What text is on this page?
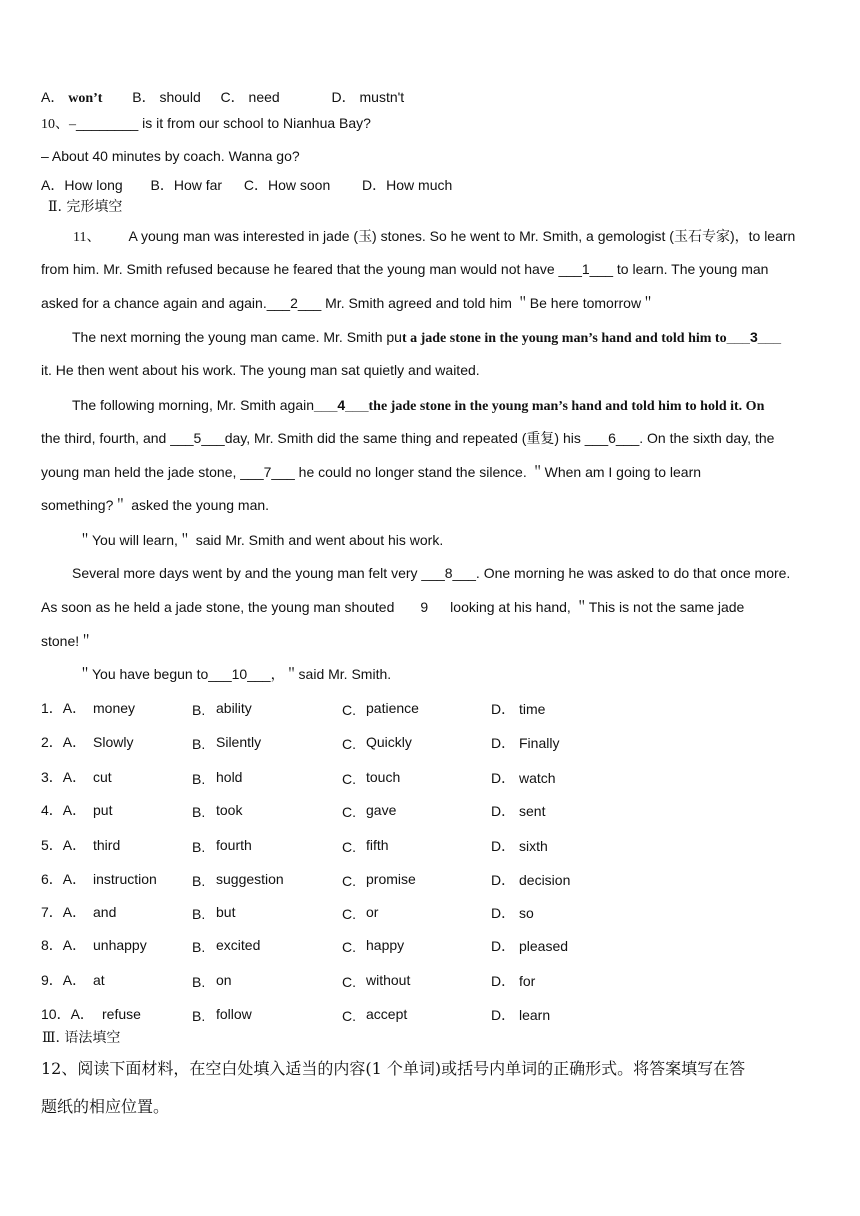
A． won’t B． should C． need	D． mustn't
10、–________ is it from our school to Nianhua Bay?
– About 40 minutes by coach. Wanna go?
A．How long B．How far C．How soon D．How much
Ⅱ. 完形填空
11、 A young man was interested in jade (玉) stones. So he went to Mr. Smith, a gemologist (玉石专家)，to learn
from him. Mr. Smith refused because he feared that the young man would not have ___1___ to learn. The young man
asked for a chance again and again.___2___ Mr. Smith agreed and told him ＂Be here tomorrow＂
The next morning the young man came. Mr. Smith put a jade stone in the young man’s hand and told him to___3___
it. He then went about his work. The young man sat quietly and waited.
The following morning, Mr. Smith again___4___the jade stone in the young man’s hand and told him to hold it. On
the third, fourth, and ___5___day, Mr. Smith did the same thing and repeated (重复) his ___6___. On the sixth day, the
young man held the jade stone, ___7___ he could no longer stand the silence. ＂When am I going to learn
something?＂ asked the young man.
＂You will learn,＂ said Mr. Smith and went about his work.
Several more days went by and the young man felt very ___8___. One morning he was asked to do that once more.
As soon as he held a jade stone, the young man shouted 9 looking at his hand, ＂This is not the same jade
stone!＂
＂You have begun to___10___，＂said Mr. Smith.
1．A． money	B. ability	C. patience	D． time
2．A． Slowly	B. Silently	C. Quickly	D． Finally
3．A． cut	B. hold	C. touch	D． watch
4．A． put	B. took	C. gave	D． sent
5．A． third	B. fourth	C. fifth	D． sixth
6．A． instruction	B. suggestion	C. promise	D． decision
7．A． and	B. but	C. or	D． so
8．A． unhappy	B. excited	C. happy	D． pleased
9．A． at	B. on	C. without	D． for
10．A． refuse	B. follow	C. accept	D． learn
Ⅲ. 语法填空
12、阅读下面材料，在空白处填入适当的内容(1 个单词)或括号内单词的正确形式。将答案填写在答
题纸的相应位置。
